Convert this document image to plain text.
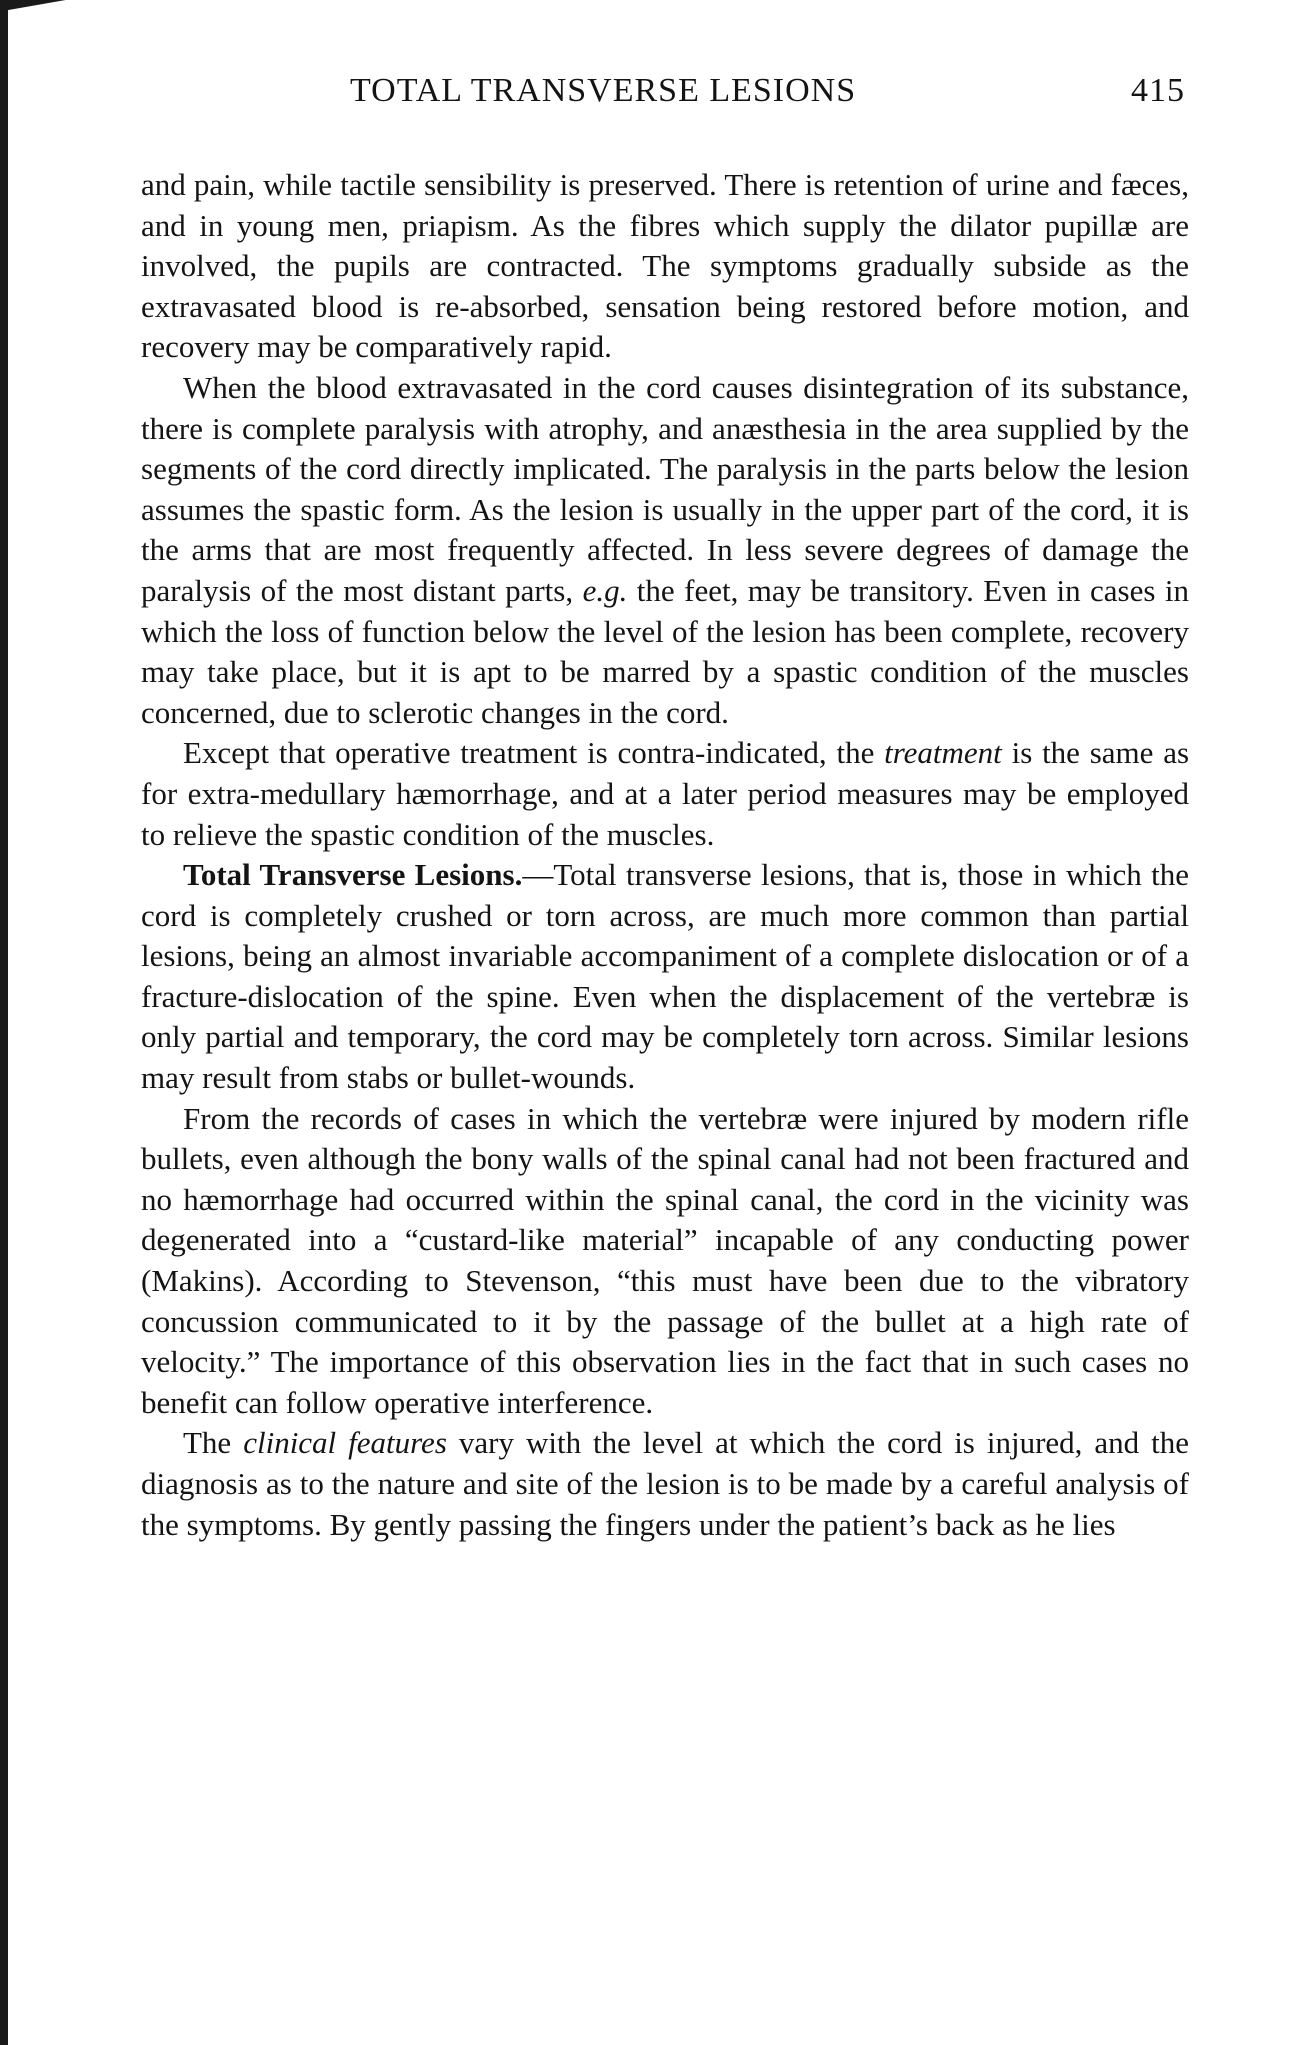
TOTAL TRANSVERSE LESIONS	415

and pain, while tactile sensibility is preserved. There is retention of urine and fæces, and in young men, priapism. As the fibres which supply the dilator pupillæ are involved, the pupils are contracted. The symptoms gradually subside as the extravasated blood is re-absorbed, sensation being restored before motion, and recovery may be comparatively rapid.

When the blood extravasated in the cord causes disintegration of its substance, there is complete paralysis with atrophy, and anæsthesia in the area supplied by the segments of the cord directly implicated. The paralysis in the parts below the lesion assumes the spastic form. As the lesion is usually in the upper part of the cord, it is the arms that are most frequently affected. In less severe degrees of damage the paralysis of the most distant parts, e.g. the feet, may be transitory. Even in cases in which the loss of function below the level of the lesion has been complete, recovery may take place, but it is apt to be marred by a spastic condition of the muscles concerned, due to sclerotic changes in the cord.

Except that operative treatment is contra-indicated, the treatment is the same as for extra-medullary hæmorrhage, and at a later period measures may be employed to relieve the spastic condition of the muscles.

Total Transverse Lesions.—Total transverse lesions, that is, those in which the cord is completely crushed or torn across, are much more common than partial lesions, being an almost invariable accompaniment of a complete dislocation or of a fracture-dislocation of the spine. Even when the displacement of the vertebræ is only partial and temporary, the cord may be completely torn across. Similar lesions may result from stabs or bullet-wounds.

From the records of cases in which the vertebræ were injured by modern rifle bullets, even although the bony walls of the spinal canal had not been fractured and no hæmorrhage had occurred within the spinal canal, the cord in the vicinity was degenerated into a “custard-like material” incapable of any conducting power (Makins). According to Stevenson, “this must have been due to the vibratory concussion communicated to it by the passage of the bullet at a high rate of velocity.” The importance of this observation lies in the fact that in such cases no benefit can follow operative interference.

The clinical features vary with the level at which the cord is injured, and the diagnosis as to the nature and site of the lesion is to be made by a careful analysis of the symptoms. By gently passing the fingers under the patient’s back as he lies
